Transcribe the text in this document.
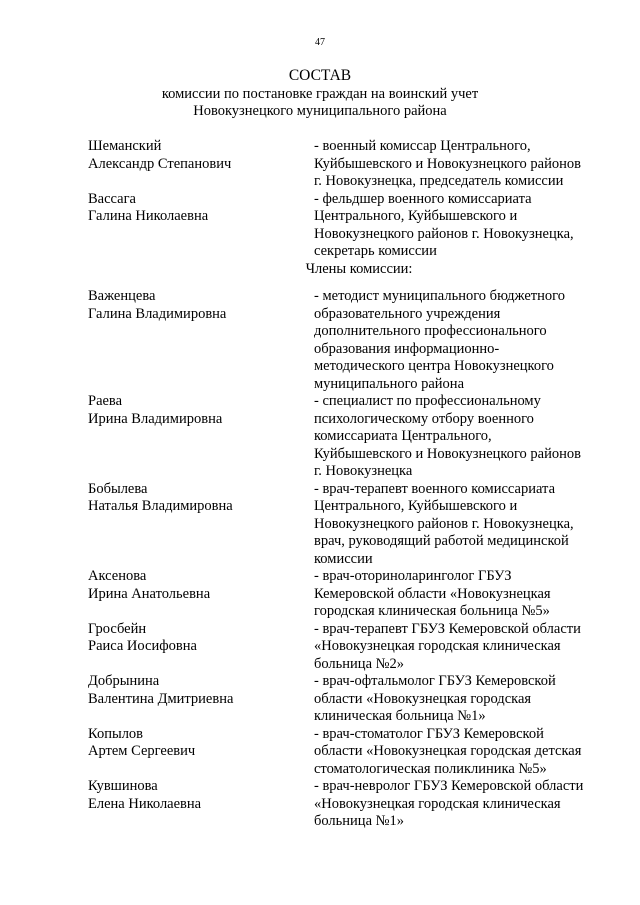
47
СОСТАВ
комиссии по постановке граждан на воинский учет
Новокузнецкого муниципального района
Шеманский
Александр Степанович
- военный комиссар Центрального,
Куйбышевского и Новокузнецкого районов
г. Новокузнецка, председатель комиссии
Вассага
Галина Николаевна
- фельдшер военного комиссариата
Центрального, Куйбышевского и
Новокузнецкого районов г. Новокузнецка,
секретарь комиссии
Члены комиссии:
Важенцева
Галина Владимировна
- методист муниципального бюджетного
образовательного учреждения
дополнительного профессионального
образования информационно-
методического центра Новокузнецкого
муниципального района
Раева
Ирина Владимировна
- специалист по профессиональному
психологическому отбору военного
комиссариата Центрального,
Куйбышевского и Новокузнецкого районов
г. Новокузнецка
Бобылева
Наталья Владимировна
- врач-терапевт военного комиссариата
Центрального, Куйбышевского и
Новокузнецкого районов г. Новокузнецка,
врач, руководящий работой медицинской
комиссии
Аксенова
Ирина Анатольевна
- врач-оториноларинголог ГБУЗ
Кемеровской области «Новокузнецкая
городская клиническая больница №5»
Гросбейн
Раиса Иосифовна
- врач-терапевт ГБУЗ Кемеровской области
«Новокузнецкая городская клиническая
больница №2»
Добрынина
Валентина Дмитриевна
- врач-офтальмолог ГБУЗ Кемеровской
области «Новокузнецкая городская
клиническая больница №1»
Копылов
Артем Сергеевич
- врач-стоматолог ГБУЗ Кемеровской
области «Новокузнецкая городская детская
стоматологическая поликлиника №5»
Кувшинова
Елена Николаевна
- врач-невролог ГБУЗ Кемеровской области
«Новокузнецкая городская клиническая
больница №1»
